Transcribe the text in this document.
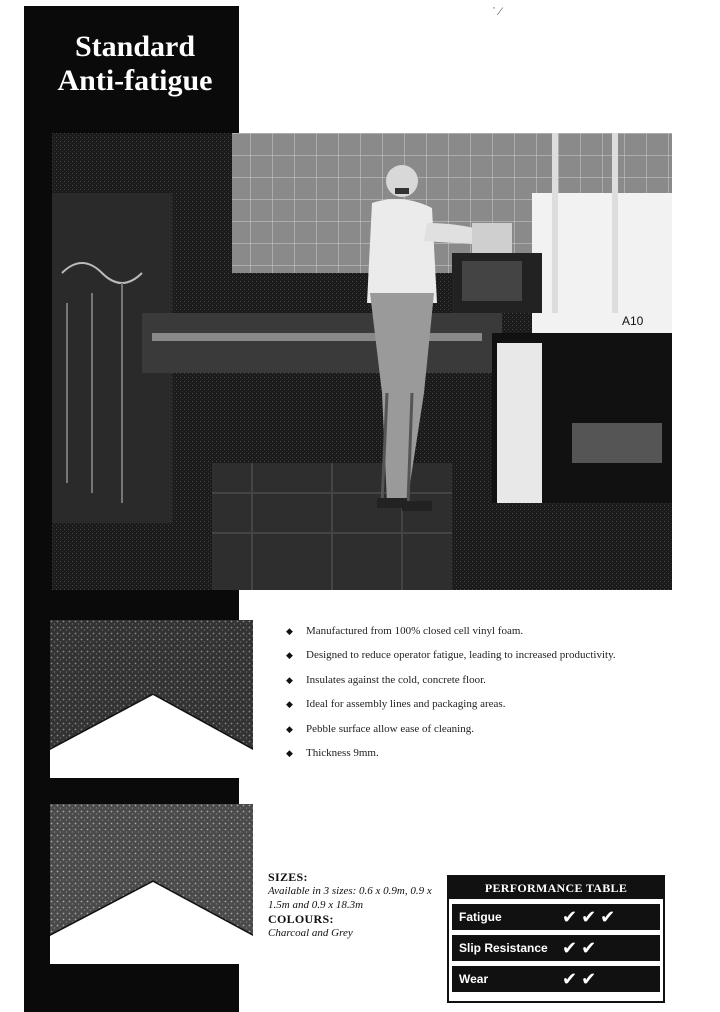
˙ ⁄
Standard
Anti-fatigue
A10
◆ Manufactured from 100% closed cell vinyl foam.
◆ Designed to reduce operator fatigue, leading to increased productivity.
◆ Insulates against the cold, concrete floor.
◆ Ideal for assembly lines and packaging areas.
◆ Pebble surface allow ease of cleaning.
◆ Thickness 9mm.
SIZES:
Available in 3 sizes: 0.6 x 0.9m, 0.9 x 1.5m and 0.9 x 18.3m
COLOURS:
Charcoal and Grey
PERFORMANCE TABLE
Fatigue	✔✔✔
Slip Resistance ✔✔
Wear	✔✔
